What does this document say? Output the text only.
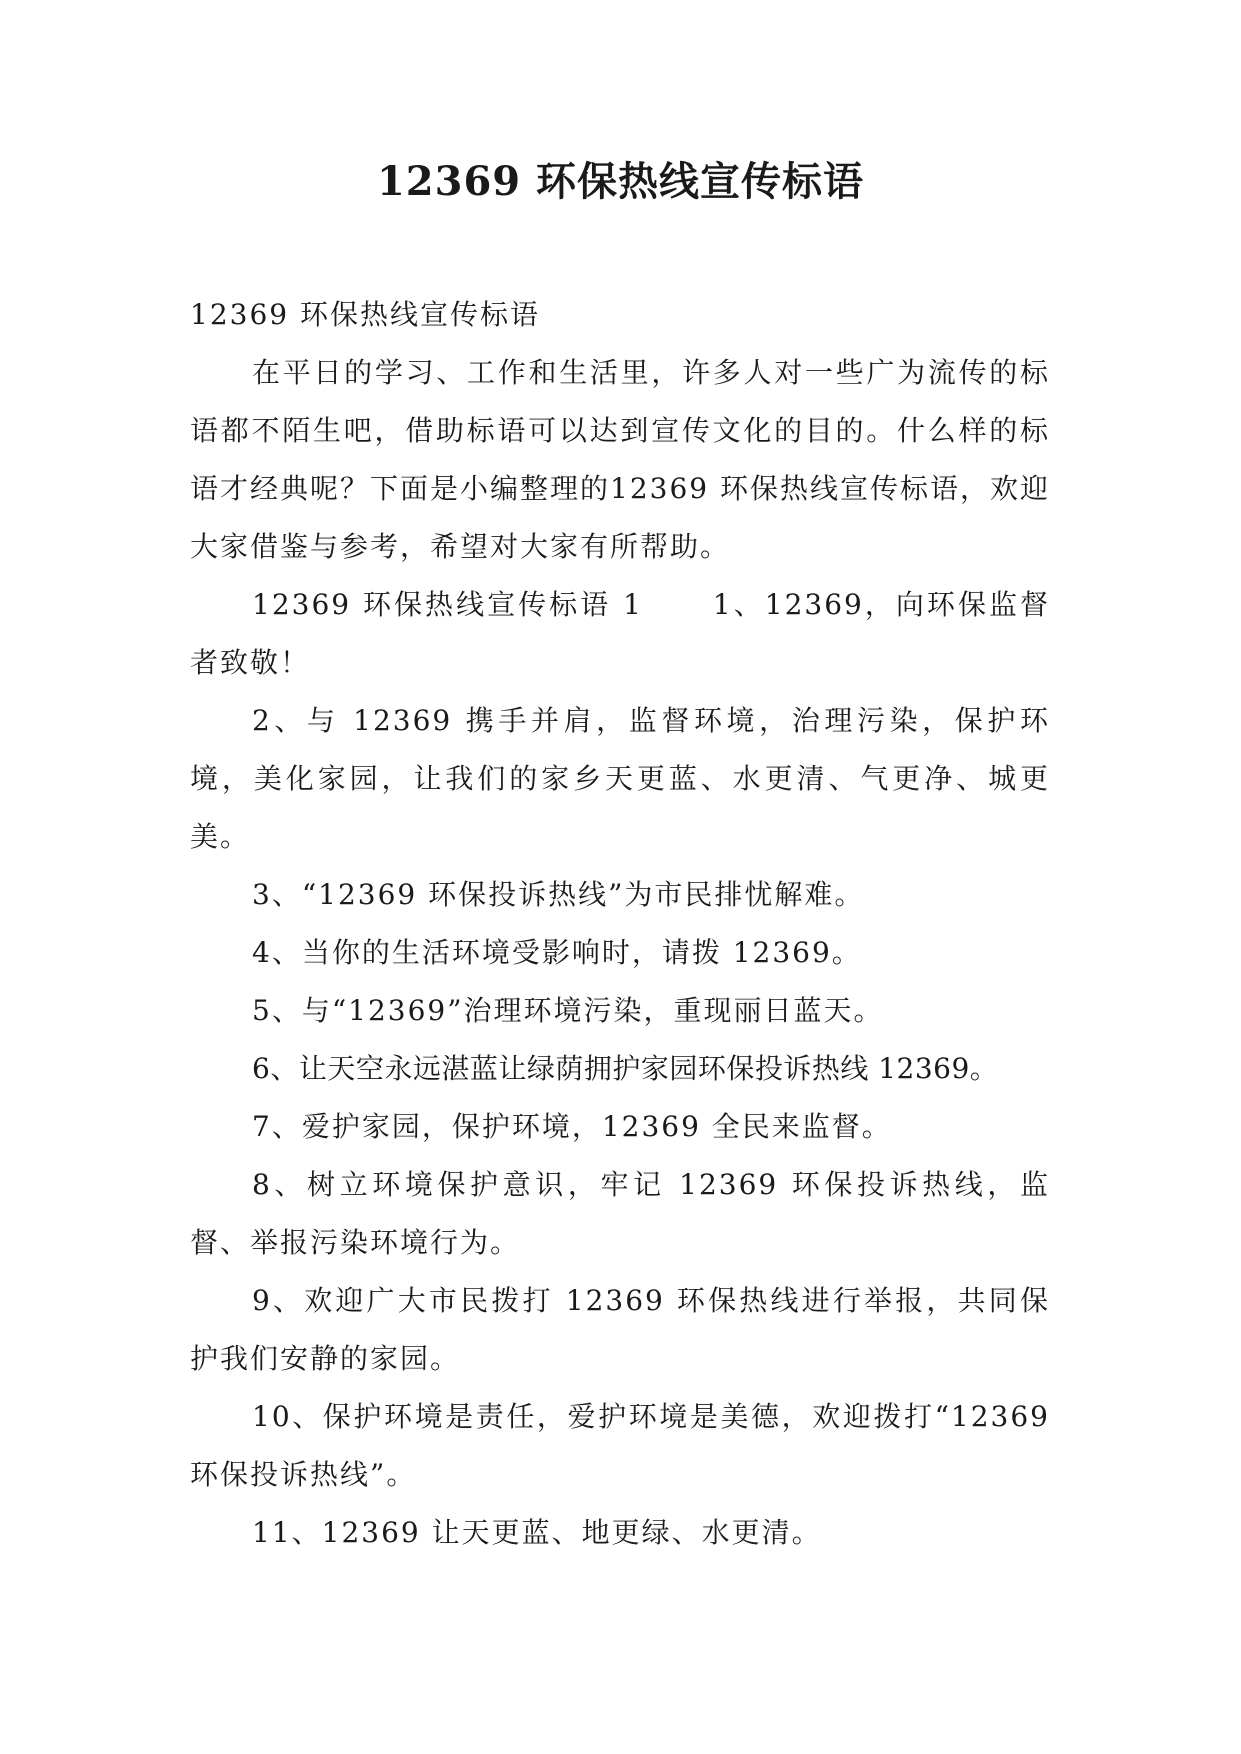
12369 环保热线宣传标语

12369 环保热线宣传标语

在平日的学习、工作和生活里，许多人对一些广为流传的标语都不陌生吧，借助标语可以达到宣传文化的目的。什么样的标语才经典呢？下面是小编整理的12369 环保热线宣传标语，欢迎大家借鉴与参考，希望对大家有所帮助。

12369 环保热线宣传标语 1	1、12369，向环保监督者致敬！

2、与 12369 携手并肩，监督环境，治理污染，保护环境，美化家园，让我们的家乡天更蓝、水更清、气更净、城更美。

3、“12369 环保投诉热线”为市民排忧解难。

4、当你的生活环境受影响时，请拨 12369。

5、与“12369”治理环境污染，重现丽日蓝天。

6、让天空永远湛蓝让绿荫拥护家园环保投诉热线 12369。

7、爱护家园，保护环境，12369 全民来监督。

8、树立环境保护意识，牢记 12369 环保投诉热线，监督、举报污染环境行为。

9、欢迎广大市民拨打 12369 环保热线进行举报，共同保护我们安静的家园。

10、保护环境是责任，爱护环境是美德，欢迎拨打“12369 环保投诉热线”。

11、12369 让天更蓝、地更绿、水更清。
